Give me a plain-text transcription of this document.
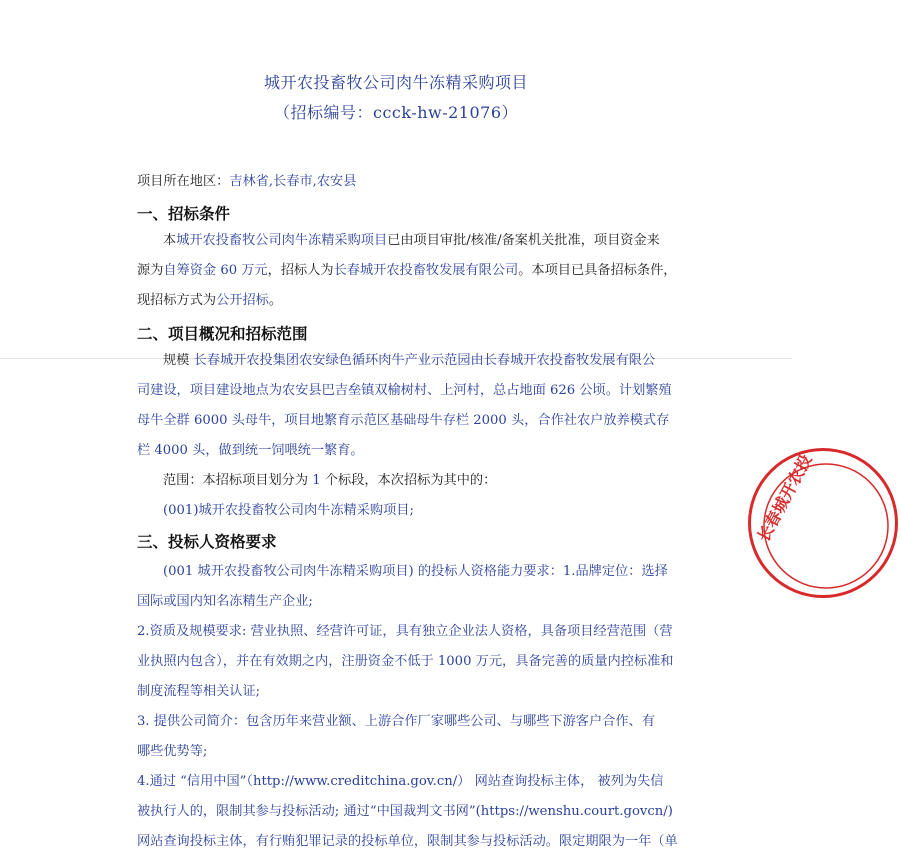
城开农投畜牧公司肉牛冻精采购项目
（招标编号：ccck-hw-21076）
项目所在地区：吉林省,长春市,农安县
一、招标条件
本城开农投畜牧公司肉牛冻精采购项目已由项目审批/核准/备案机关批准，项目资金来
源为自筹资金 60 万元，招标人为长春城开农投畜牧发展有限公司。本项目已具备招标条件，
现招标方式为公开招标。
二、项目概况和招标范围
规模 长春城开农投集团农安绿色循环肉牛产业示范园由长春城开农投畜牧发展有限公
司建设，项目建设地点为农安县巴吉垒镇双榆树村、上河村，总占地面 626 公顷。计划繁殖
母牛全群 6000 头母牛，项目地繁育示范区基础母牛存栏 2000 头，合作社农户放养模式存
栏 4000 头，做到统一饲喂统一繁育。
范围：本招标项目划分为 1 个标段，本次招标为其中的：
(001)城开农投畜牧公司肉牛冻精采购项目;
三、投标人资格要求
(001 城开农投畜牧公司肉牛冻精采购项目) 的投标人资格能力要求：1.品牌定位：选择
国际或国内知名冻精生产企业;
2.资质及规模要求: 营业执照、经营许可证，具有独立企业法人资格，具备项目经营范围（营
业执照内包含），并在有效期之内，注册资金不低于 1000 万元，具备完善的质量内控标准和
制度流程等相关认证;
3. 提供公司简介：包含历年来营业额、上游合作厂家哪些公司、与哪些下游客户合作、有
哪些优势等;
4.通过 “信用中国”（http://www.creditchina.gov.cn/） 网站查询投标主体， 被列为失信
被执行人的，限制其参与投标活动; 通过“中国裁判文书网”(https://wenshu.court.govcn/)
网站查询投标主体，有行贿犯罪记录的投标单位，限制其参与投标活动。限定期限为一年（单
长春城开农投
